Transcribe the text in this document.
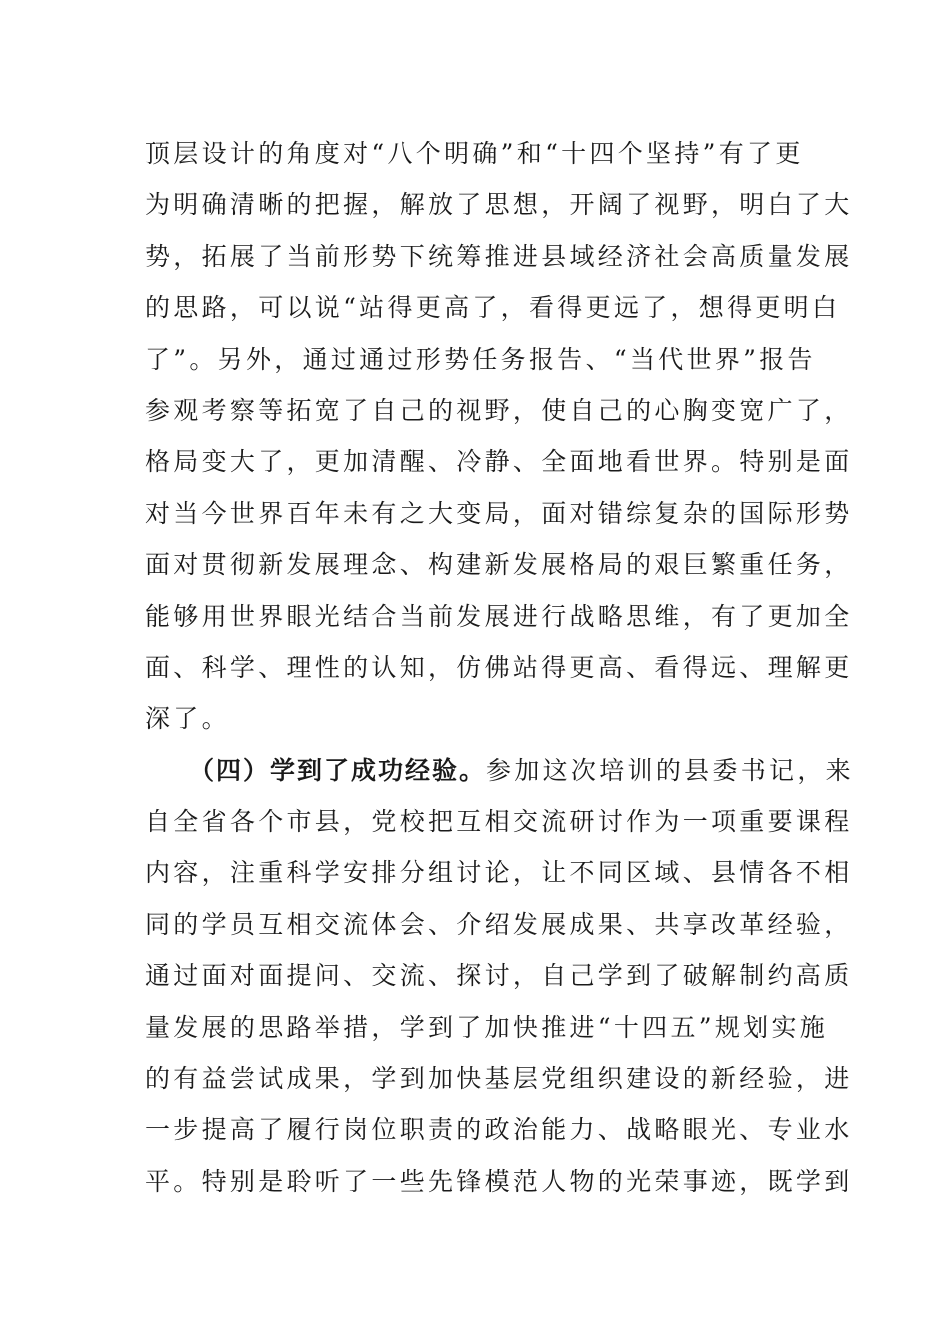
顶层设计的角度对“八个明确”和“十四个坚持”有了更
为明确清晰的把握，解放了思想，开阔了视野，明白了大
势，拓展了当前形势下统筹推进县域经济社会高质量发展
的思路，可以说“站得更高了，看得更远了，想得更明白
了”。另外，通过通过形势任务报告、“当代世界”报告
参观考察等拓宽了自己的视野，使自己的心胸变宽广了，
格局变大了，更加清醒、冷静、全面地看世界。特别是面
对当今世界百年未有之大变局，面对错综复杂的国际形势
面对贯彻新发展理念、构建新发展格局的艰巨繁重任务，
能够用世界眼光结合当前发展进行战略思维，有了更加全
面、科学、理性的认知，仿佛站得更高、看得远、理解更
深了。
（四）学到了成功经验。参加这次培训的县委书记，来
自全省各个市县，党校把互相交流研讨作为一项重要课程
内容，注重科学安排分组讨论，让不同区域、县情各不相
同的学员互相交流体会、介绍发展成果、共享改革经验，
通过面对面提问、交流、探讨，自己学到了破解制约高质
量发展的思路举措，学到了加快推进“十四五”规划实施
的有益尝试成果，学到加快基层党组织建设的新经验，进
一步提高了履行岗位职责的政治能力、战略眼光、专业水
平。特别是聆听了一些先锋模范人物的光荣事迹，既学到
